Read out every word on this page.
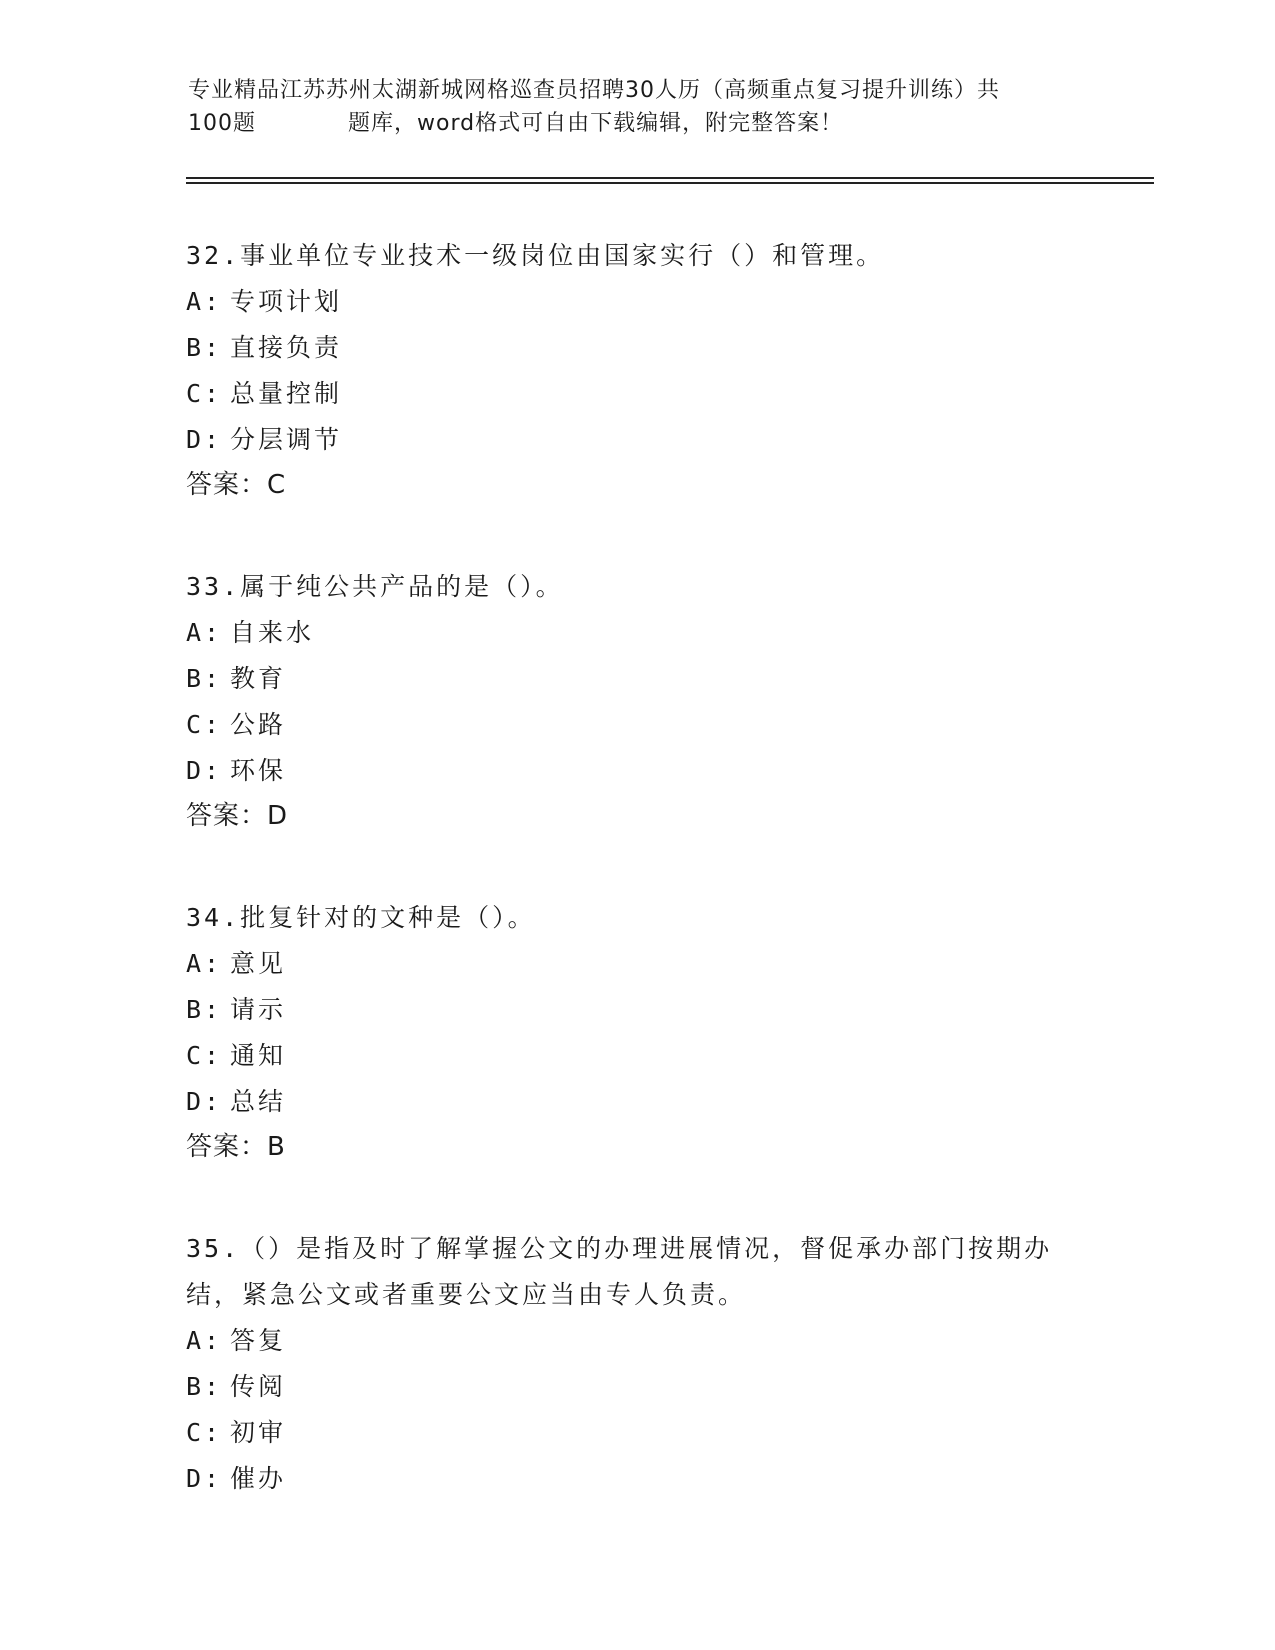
专业精品江苏苏州太湖新城网格巡查员招聘30人历（高频重点复习提升训练）共
100题　　　　题库，word格式可自由下载编辑，附完整答案！

32.事业单位专业技术一级岗位由国家实行（）和管理。

A: 专项计划
B: 直接负责
C: 总量控制
D: 分层调节

答案：C

33.属于纯公共产品的是（）。

A: 自来水
B: 教育
C: 公路
D: 环保

答案：D

34.批复针对的文种是（）。

A: 意见
B: 请示
C: 通知
D: 总结

答案：B

35.（）是指及时了解掌握公文的办理进展情况，督促承办部门按期办结，紧急公文或者重要公文应当由专人负责。

A: 答复
B: 传阅
C: 初审
D: 催办
